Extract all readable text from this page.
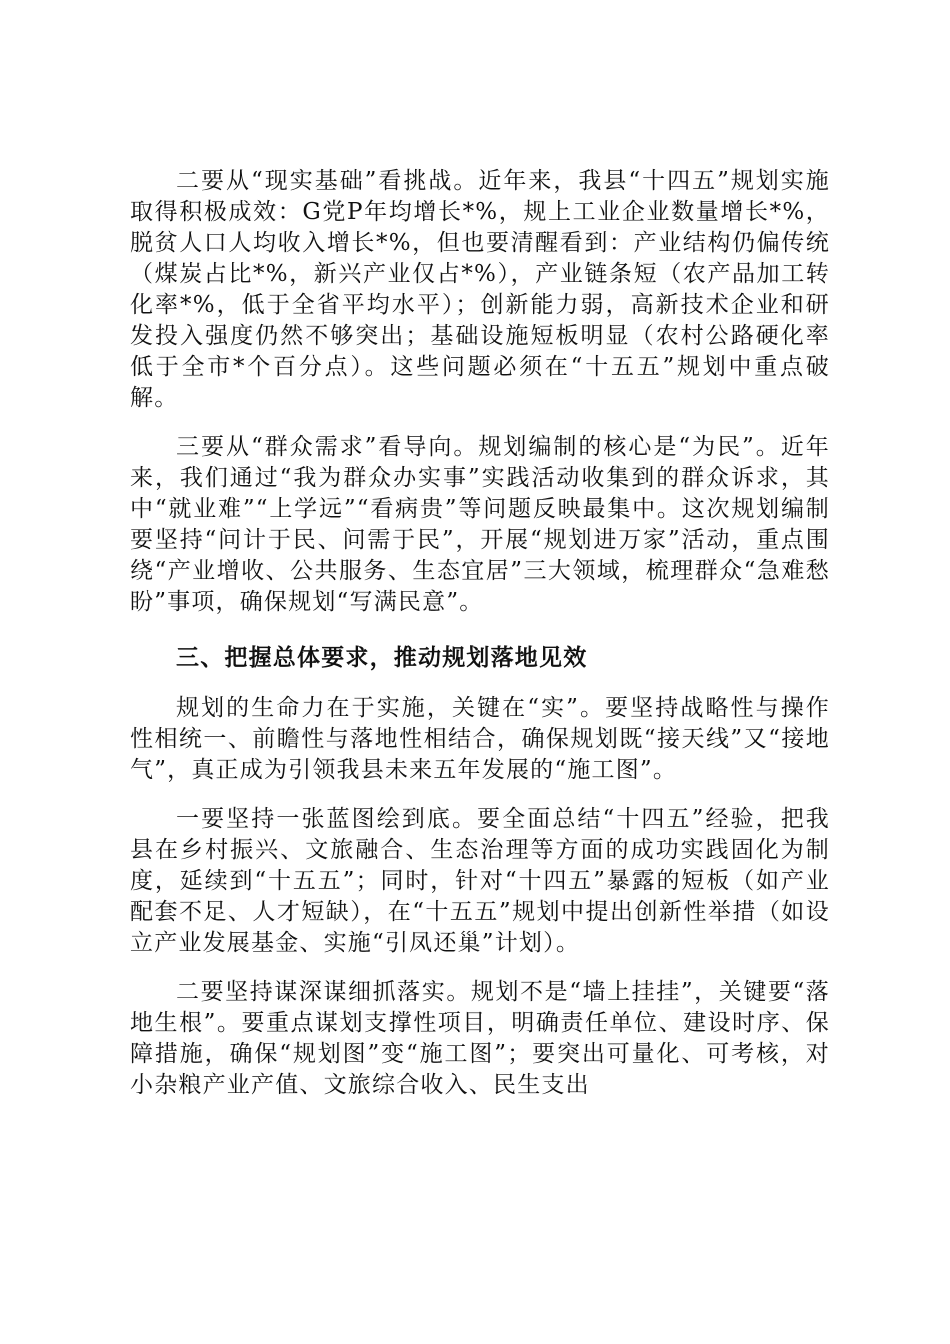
二要从“现实基础”看挑战。近年来，我县“十四五”规划实施取得积极成效：G党P年均增长*%，规上工业企业数量增长*%，脱贫人口人均收入增长*%，但也要清醒看到：产业结构仍偏传统（煤炭占比*%，新兴产业仅占*%），产业链条短（农产品加工转化率*%，低于全省平均水平）；创新能力弱，高新技术企业和研发投入强度仍然不够突出；基础设施短板明显（农村公路硬化率低于全市*个百分点）。这些问题必须在“十五五”规划中重点破解。

三要从“群众需求”看导向。规划编制的核心是“为民”。近年来，我们通过“我为群众办实事”实践活动收集到的群众诉求，其中“就业难”“上学远”“看病贵”等问题反映最集中。这次规划编制要坚持“问计于民、问需于民”，开展“规划进万家”活动，重点围绕“产业增收、公共服务、生态宜居”三大领域，梳理群众“急难愁盼”事项，确保规划“写满民意”。

三、把握总体要求，推动规划落地见效

规划的生命力在于实施，关键在“实”。要坚持战略性与操作性相统一、前瞻性与落地性相结合，确保规划既“接天线”又“接地气”，真正成为引领我县未来五年发展的“施工图”。

一要坚持一张蓝图绘到底。要全面总结“十四五”经验，把我县在乡村振兴、文旅融合、生态治理等方面的成功实践固化为制度，延续到“十五五”；同时，针对“十四五”暴露的短板（如产业配套不足、人才短缺），在“十五五”规划中提出创新性举措（如设立产业发展基金、实施“引凤还巢”计划）。

二要坚持谋深谋细抓落实。规划不是“墙上挂挂”，关键要“落地生根”。要重点谋划支撑性项目，明确责任单位、建设时序、保障措施，确保“规划图”变“施工图”；要突出可量化、可考核，对小杂粮产业产值、文旅综合收入、民生支出
